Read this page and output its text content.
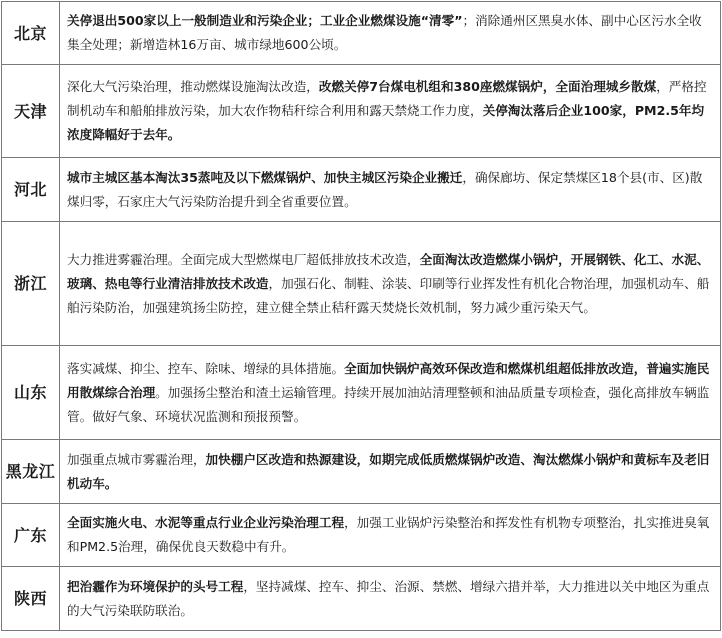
北京	关停退出500家以上一般制造业和污染企业；工业企业燃煤设施“清零”；消除通州区黑臭水体、副中心区污水全收集全处理；新增造林16万亩、城市绿地600公顷。
天津	深化大气污染治理，推动燃煤设施淘汰改造，改燃关停7台煤电机组和380座燃煤锅炉，全面治理城乡散煤，严格控制机动车和船舶排放污染，加大农作物秸秆综合利用和露天禁烧工作力度，关停淘汰落后企业100家，PM2.5年均浓度降幅好于去年。
河北	城市主城区基本淘汰35蒸吨及以下燃煤锅炉、加快主城区污染企业搬迁，确保廊坊、保定禁煤区18个县(市、区)散煤归零，石家庄大气污染防治提升到全省重要位置。
浙江	大力推进雾霾治理。全面完成大型燃煤电厂超低排放技术改造，全面淘汰改造燃煤小锅炉，开展钢铁、化工、水泥、玻璃、热电等行业清洁排放技术改造，加强石化、制鞋、涂装、印刷等行业挥发性有机化合物治理，加强机动车、船舶污染防治，加强建筑扬尘防控，建立健全禁止秸秆露天焚烧长效机制，努力减少重污染天气。
山东	落实减煤、抑尘、控车、除味、增绿的具体措施。全面加快锅炉高效环保改造和燃煤机组超低排放改造，普遍实施民用散煤综合治理。加强扬尘整治和渣土运输管理。持续开展加油站清理整顿和油品质量专项检查，强化高排放车辆监管。做好气象、环境状况监测和预报预警。
黑龙江	加强重点城市雾霾治理，加快棚户区改造和热源建设，如期完成低质燃煤锅炉改造、淘汰燃煤小锅炉和黄标车及老旧机动车。
广东	全面实施火电、水泥等重点行业企业污染治理工程，加强工业锅炉污染整治和挥发性有机物专项整治，扎实推进臭氧和PM2.5治理，确保优良天数稳中有升。
陕西	把治霾作为环境保护的头号工程，坚持减煤、控车、抑尘、治源、禁燃、增绿六措并举，大力推进以关中地区为重点的大气污染联防联治。
